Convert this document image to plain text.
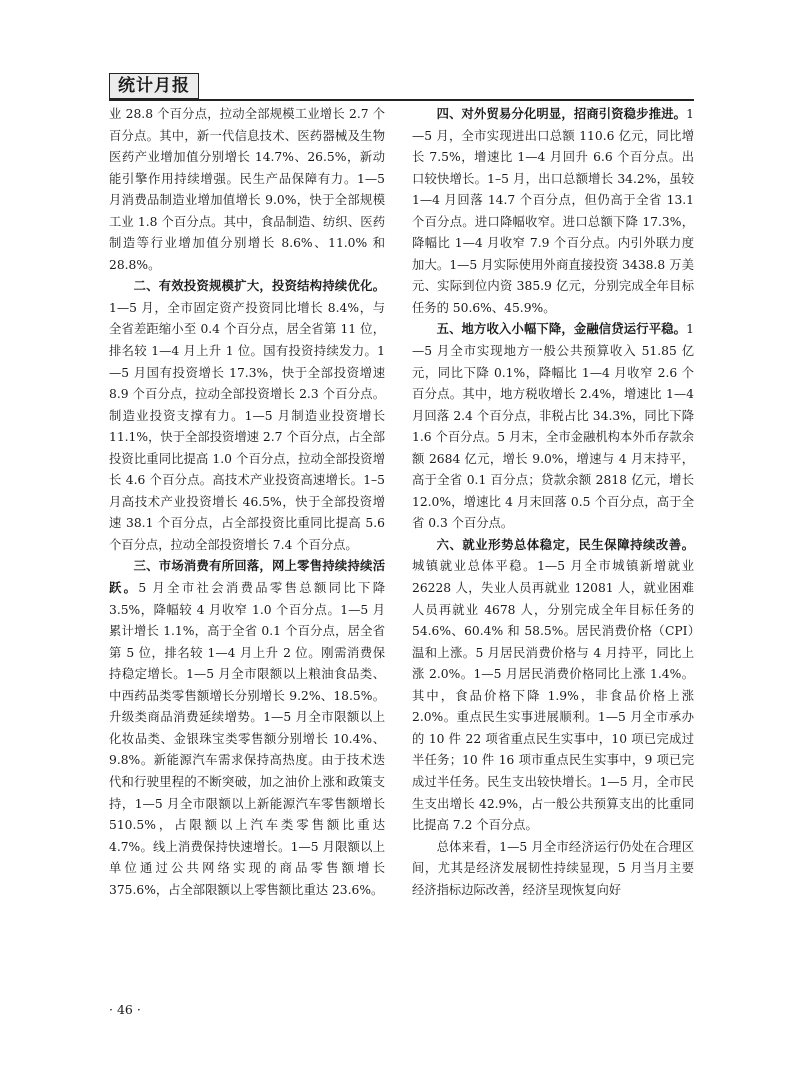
统计月报

业 28.8 个百分点，拉动全部规模工业增长 2.7 个百分点。其中，新一代信息技术、医药器械及生物医药产业增加值分别增长 14.7%、26.5%，新动能引擎作用持续增强。民生产品保障有力。1—5 月消费品制造业增加值增长 9.0%，快于全部规模工业 1.8 个百分点。其中，食品制造、纺织、医药制造等行业增加值分别增长 8.6%、11.0% 和 28.8%。

二、有效投资规模扩大，投资结构持续优化。1—5 月，全市固定资产投资同比增长 8.4%，与全省差距缩小至 0.4 个百分点，居全省第 11 位，排名较 1—4 月上升 1 位。国有投资持续发力。1—5 月国有投资增长 17.3%，快于全部投资增速 8.9 个百分点，拉动全部投资增长 2.3 个百分点。制造业投资支撑有力。1—5 月制造业投资增长 11.1%，快于全部投资增速 2.7 个百分点，占全部投资比重同比提高 1.0 个百分点，拉动全部投资增长 4.6 个百分点。高技术产业投资高速增长。1–5 月高技术产业投资增长 46.5%，快于全部投资增速 38.1 个百分点，占全部投资比重同比提高 5.6 个百分点，拉动全部投资增长 7.4 个百分点。

三、市场消费有所回落，网上零售持续持续活跃。5 月全市社会消费品零售总额同比下降 3.5%，降幅较 4 月收窄 1.0 个百分点。1—5 月累计增长 1.1%，高于全省 0.1 个百分点，居全省第 5 位，排名较 1—4 月上升 2 位。刚需消费保持稳定增长。1—5 月全市限额以上粮油食品类、中西药品类零售额增长分别增长 9.2%、18.5%。升级类商品消费延续增势。1—5 月全市限额以上化妆品类、金银珠宝类零售额分别增长 10.4%、9.8%。新能源汽车需求保持高热度。由于技术迭代和行驶里程的不断突破，加之油价上涨和政策支持，1—5 月全市限额以上新能源汽车零售额增长 510.5%，占限额以上汽车类零售额比重达 4.7%。线上消费保持快速增长。1—5 月限额以上单位通过公共网络实现的商品零售额增长 375.6%，占全部限额以上零售额比重达 23.6%。

四、对外贸易分化明显，招商引资稳步推进。1—5 月，全市实现进出口总额 110.6 亿元，同比增长 7.5%，增速比 1—4 月回升 6.6 个百分点。出口较快增长。1–5 月，出口总额增长 34.2%，虽较 1—4 月回落 14.7 个百分点，但仍高于全省 13.1 个百分点。进口降幅收窄。进口总额下降 17.3%，降幅比 1—4 月收窄 7.9 个百分点。内引外联力度加大。1—5 月实际使用外商直接投资 3438.8 万美元、实际到位内资 385.9 亿元，分别完成全年目标任务的 50.6%、45.9%。

五、地方收入小幅下降，金融信贷运行平稳。1—5 月全市实现地方一般公共预算收入 51.85 亿元，同比下降 0.1%，降幅比 1—4 月收窄 2.6 个百分点。其中，地方税收增长 2.4%，增速比 1—4 月回落 2.4 个百分点，非税占比 34.3%，同比下降 1.6 个百分点。5 月末，全市金融机构本外币存款余额 2684 亿元，增长 9.0%，增速与 4 月末持平，高于全省 0.1 百分点；贷款余额 2818 亿元，增长 12.0%，增速比 4 月末回落 0.5 个百分点，高于全省 0.3 个百分点。

六、就业形势总体稳定，民生保障持续改善。城镇就业总体平稳。1—5 月全市城镇新增就业 26228 人，失业人员再就业 12081 人，就业困难人员再就业 4678 人，分别完成全年目标任务的 54.6%、60.4% 和 58.5%。居民消费价格（CPI）温和上涨。5 月居民消费价格与 4 月持平，同比上涨 2.0%。1—5 月居民消费价格同比上涨 1.4%。其中，食品价格下降 1.9%，非食品价格上涨 2.0%。重点民生实事进展顺利。1—5 月全市承办的 10 件 22 项省重点民生实事中，10 项已完成过半任务；10 件 16 项市重点民生实事中，9 项已完成过半任务。民生支出较快增长。1—5 月，全市民生支出增长 42.9%，占一般公共预算支出的比重同比提高 7.2 个百分点。

总体来看，1—5 月全市经济运行仍处在合理区间，尤其是经济发展韧性持续显现，5 月当月主要经济指标边际改善，经济呈现恢复向好

· 46 ·
